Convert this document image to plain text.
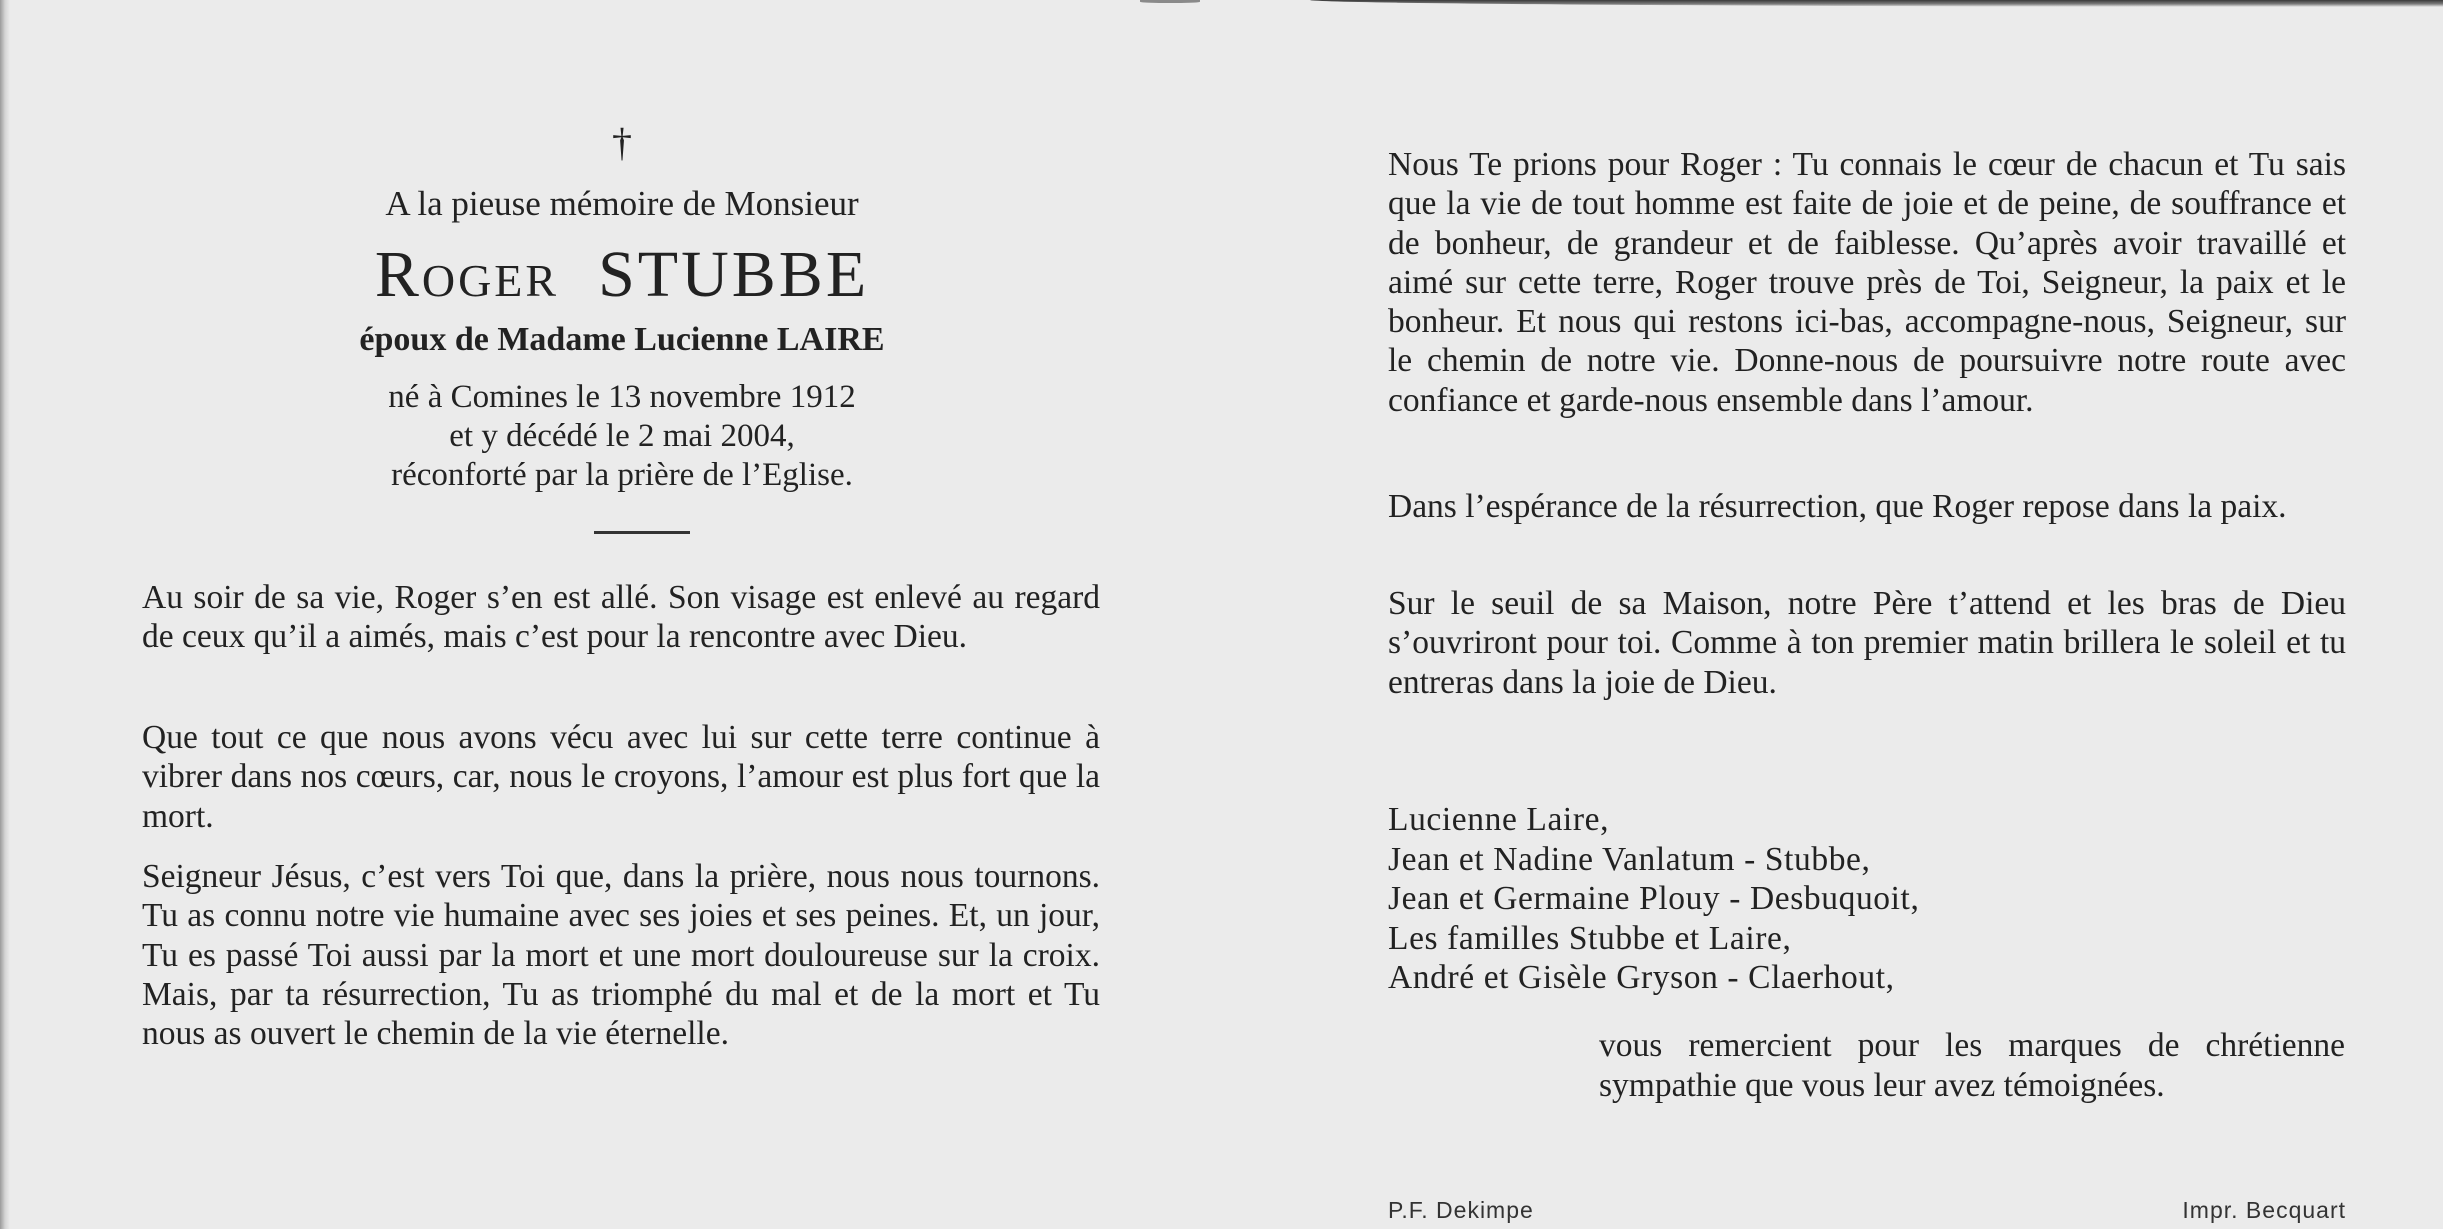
†
A la pieuse mémoire de Monsieur
Roger STUBBE
époux de Madame Lucienne LAIRE
né à Comines le 13 novembre 1912
et y décédé le 2 mai 2004,
réconforté par la prière de l’Eglise.
Au soir de sa vie, Roger s’en est allé. Son visage est enlevé au regard de ceux qu’il a aimés, mais c’est pour la rencontre avec Dieu.
Que tout ce que nous avons vécu avec lui sur cette terre continue à vibrer dans nos cœurs, car, nous le croyons, l’amour est plus fort que la mort.
Seigneur Jésus, c’est vers Toi que, dans la prière, nous nous tournons. Tu as connu notre vie humaine avec ses joies et ses peines. Et, un jour, Tu es passé Toi aussi par la mort et une mort douloureuse sur la croix. Mais, par ta résurrection, Tu as triomphé du mal et de la mort et Tu nous as ouvert le chemin de la vie éternelle.
Nous Te prions pour Roger : Tu connais le cœur de chacun et Tu sais que la vie de tout homme est faite de joie et de peine, de souffrance et de bonheur, de grandeur et de faiblesse. Qu’après avoir travaillé et aimé sur cette terre, Roger trouve près de Toi, Seigneur, la paix et le bonheur. Et nous qui restons ici-bas, accompagne-nous, Seigneur, sur le chemin de notre vie. Donne-nous de poursuivre notre route avec confiance et garde-nous ensemble dans l’amour.
Dans l’espérance de la résurrection, que Roger repose dans la paix.
Sur le seuil de sa Maison, notre Père t’attend et les bras de Dieu s’ouvriront pour toi. Comme à ton premier matin brillera le soleil et tu entreras dans la joie de Dieu.
Lucienne Laire,
Jean et Nadine Vanlatum - Stubbe,
Jean et Germaine Plouy - Desbuquoit,
Les familles Stubbe et Laire,
André et Gisèle Gryson - Claerhout,
vous remercient pour les marques de chrétienne sympathie que vous leur avez témoignées.
P.F. Dekimpe	Impr. Becquart
